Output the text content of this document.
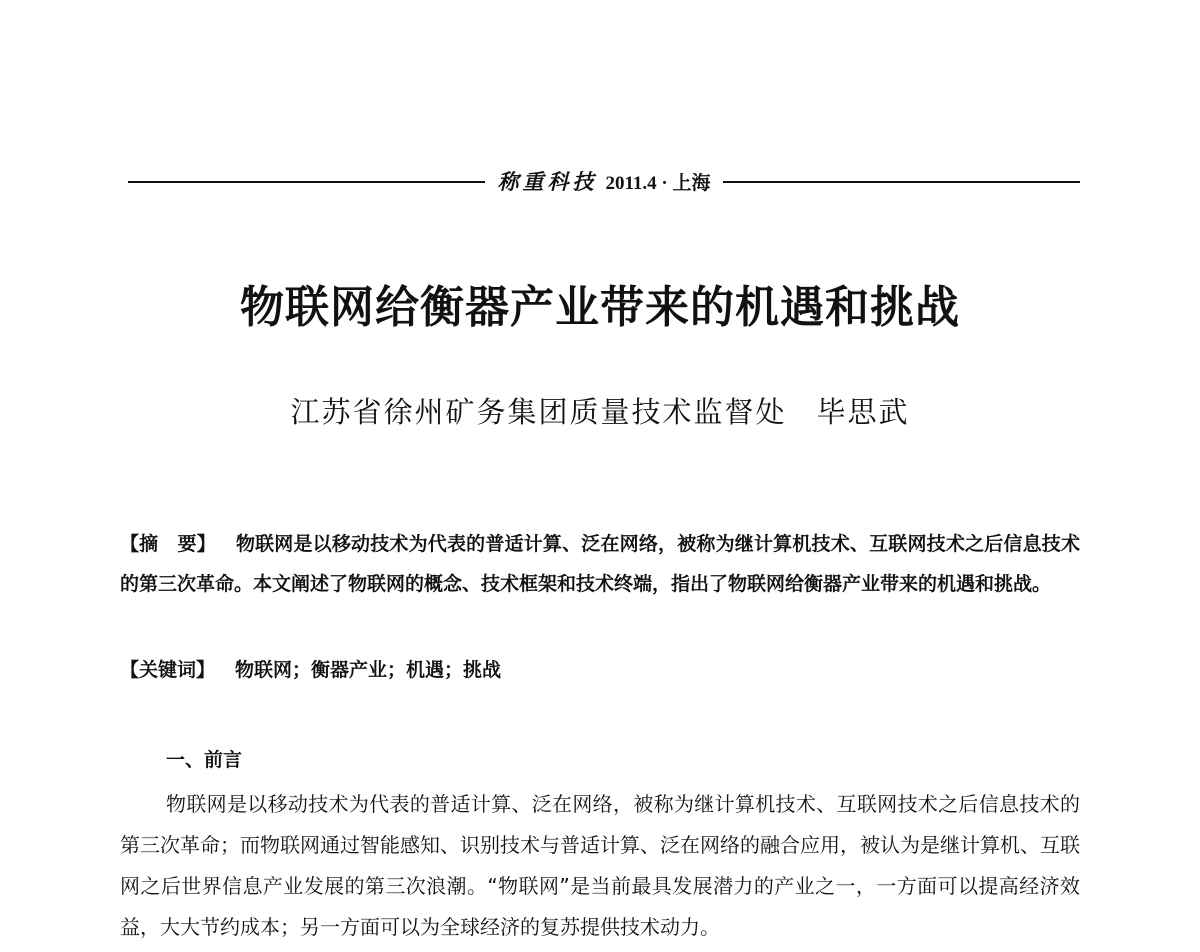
称重科技 2011.4 · 上海
物联网给衡器产业带来的机遇和挑战
江苏省徐州矿务集团质量技术监督处 毕思武
【摘　要】 物联网是以移动技术为代表的普适计算、泛在网络，被称为继计算机技术、互联网技术之后信息技术的第三次革命。本文阐述了物联网的概念、技术框架和技术终端，指出了物联网给衡器产业带来的机遇和挑战。
【关键词】 物联网；衡器产业；机遇；挑战
一、前言
物联网是以移动技术为代表的普适计算、泛在网络，被称为继计算机技术、互联网技术之后信息技术的第三次革命；而物联网通过智能感知、识别技术与普适计算、泛在网络的融合应用，被认为是继计算机、互联网之后世界信息产业发展的第三次浪潮。“物联网”是当前最具发展潜力的产业之一，一方面可以提高经济效益，大大节约成本；另一方面可以为全球经济的复苏提供技术动力。
